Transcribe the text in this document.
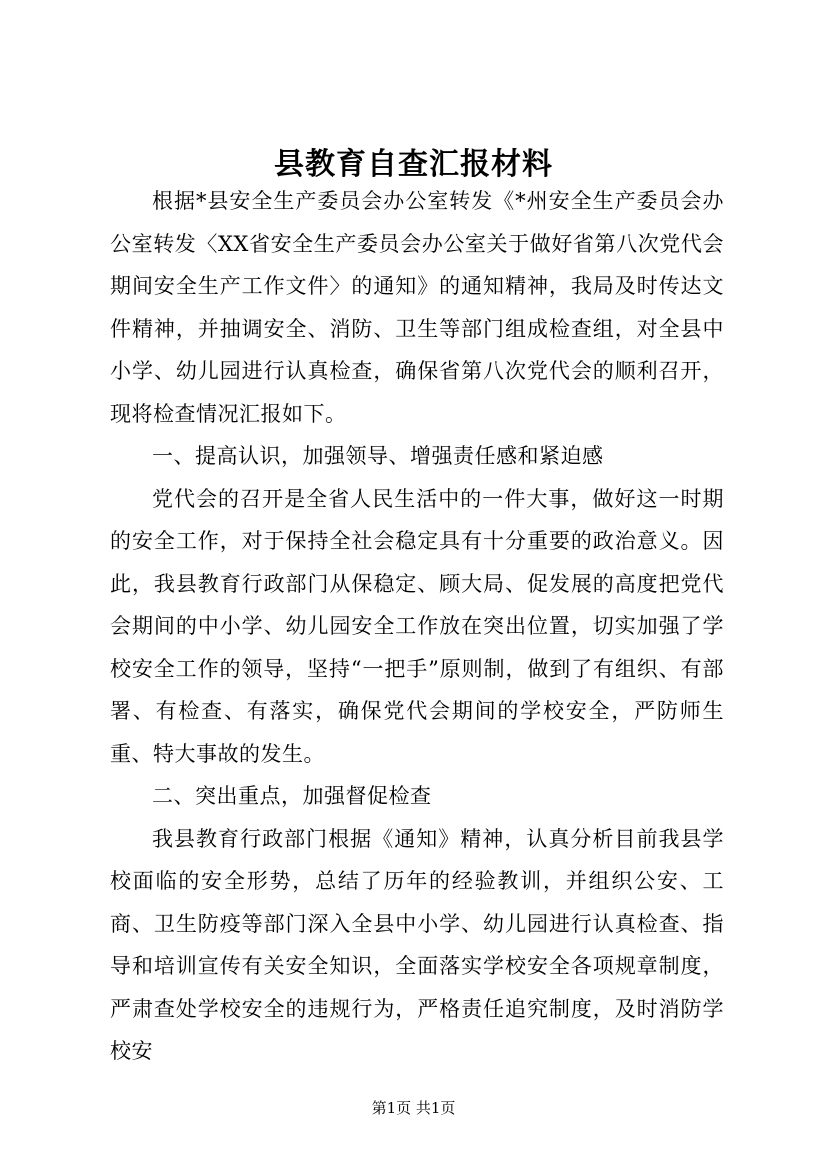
县教育自查汇报材料

根据*县安全生产委员会办公室转发《*州安全生产委员会办公室转发〈XX省安全生产委员会办公室关于做好省第八次党代会期间安全生产工作文件〉的通知》的通知精神，我局及时传达文件精神，并抽调安全、消防、卫生等部门组成检查组，对全县中小学、幼儿园进行认真检查，确保省第八次党代会的顺利召开，现将检查情况汇报如下。

一、提高认识，加强领导、增强责任感和紧迫感

党代会的召开是全省人民生活中的一件大事，做好这一时期的安全工作，对于保持全社会稳定具有十分重要的政治意义。因此，我县教育行政部门从保稳定、顾大局、促发展的高度把党代会期间的中小学、幼儿园安全工作放在突出位置，切实加强了学校安全工作的领导，坚持“一把手”原则制，做到了有组织、有部署、有检查、有落实，确保党代会期间的学校安全，严防师生重、特大事故的发生。

二、突出重点，加强督促检查

我县教育行政部门根据《通知》精神，认真分析目前我县学校面临的安全形势，总结了历年的经验教训，并组织公安、工商、卫生防疫等部门深入全县中小学、幼儿园进行认真检查、指导和培训宣传有关安全知识，全面落实学校安全各项规章制度，严肃查处学校安全的违规行为，严格责任追究制度，及时消防学校安

第1页 共1页
